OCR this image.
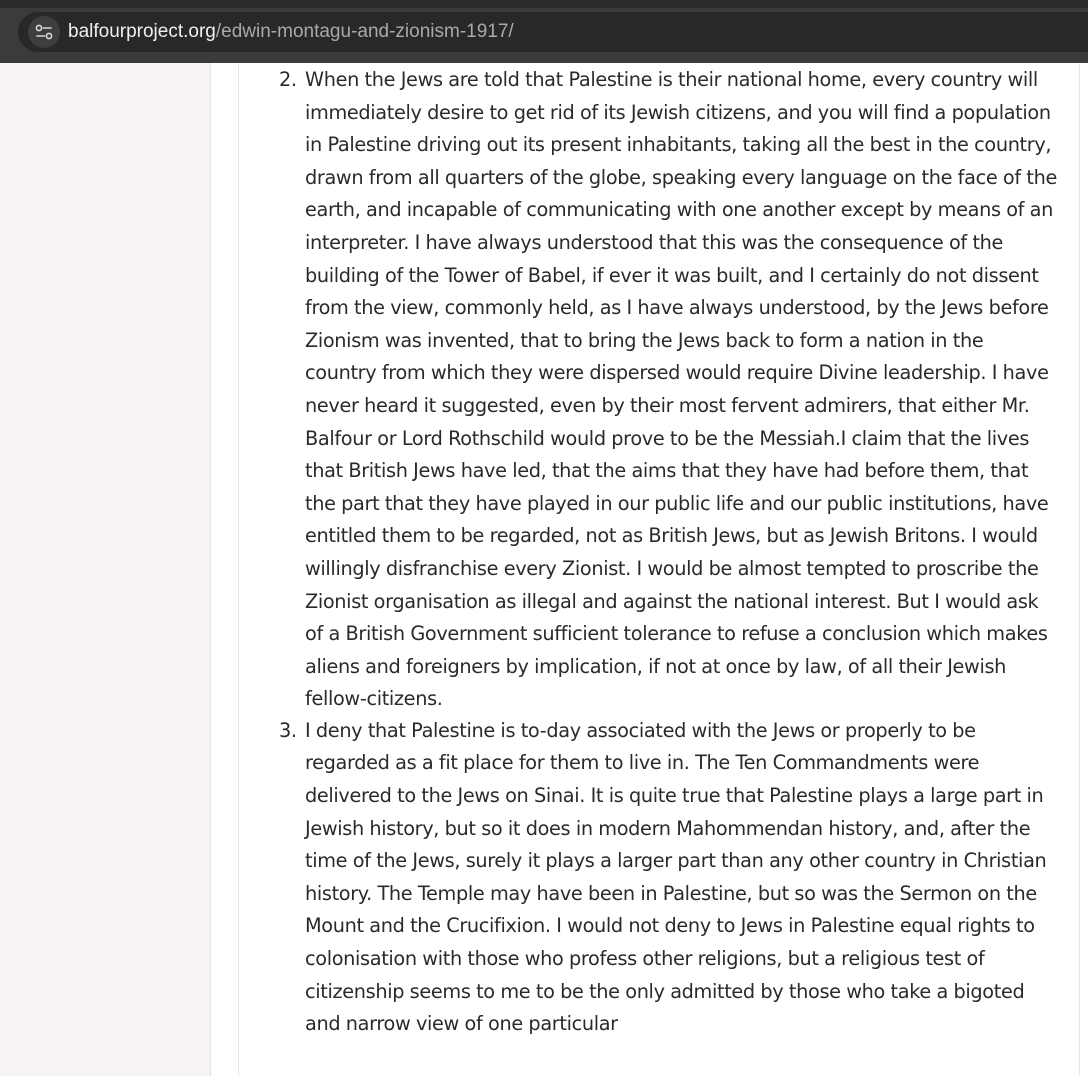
balfourproject.org/edwin-montagu-and-zionism-1917/
2. When the Jews are told that Palestine is their national home, every country will immediately desire to get rid of its Jewish citizens, and you will find a population in Palestine driving out its present inhabitants, taking all the best in the country, drawn from all quarters of the globe, speaking every language on the face of the earth, and incapable of communicating with one another except by means of an interpreter. I have always understood that this was the consequence of the building of the Tower of Babel, if ever it was built, and I certainly do not dissent from the view, commonly held, as I have always understood, by the Jews before Zionism was invented, that to bring the Jews back to form a nation in the country from which they were dispersed would require Divine leadership. I have never heard it suggested, even by their most fervent admirers, that either Mr. Balfour or Lord Rothschild would prove to be the Messiah.I claim that the lives that British Jews have led, that the aims that they have had before them, that the part that they have played in our public life and our public institutions, have entitled them to be regarded, not as British Jews, but as Jewish Britons. I would willingly disfranchise every Zionist. I would be almost tempted to proscribe the Zionist organisation as illegal and against the national interest. But I would ask of a British Government sufficient tolerance to refuse a conclusion which makes aliens and foreigners by implication, if not at once by law, of all their Jewish fellow-citizens.
3. I deny that Palestine is to-day associated with the Jews or properly to be regarded as a fit place for them to live in. The Ten Commandments were delivered to the Jews on Sinai. It is quite true that Palestine plays a large part in Jewish history, but so it does in modern Mahommendan history, and, after the time of the Jews, surely it plays a larger part than any other country in Christian history. The Temple may have been in Palestine, but so was the Sermon on the Mount and the Crucifixion. I would not deny to Jews in Palestine equal rights to colonisation with those who profess other religions, but a religious test of citizenship seems to me to be the only admitted by those who take a bigoted and narrow view of one particular
